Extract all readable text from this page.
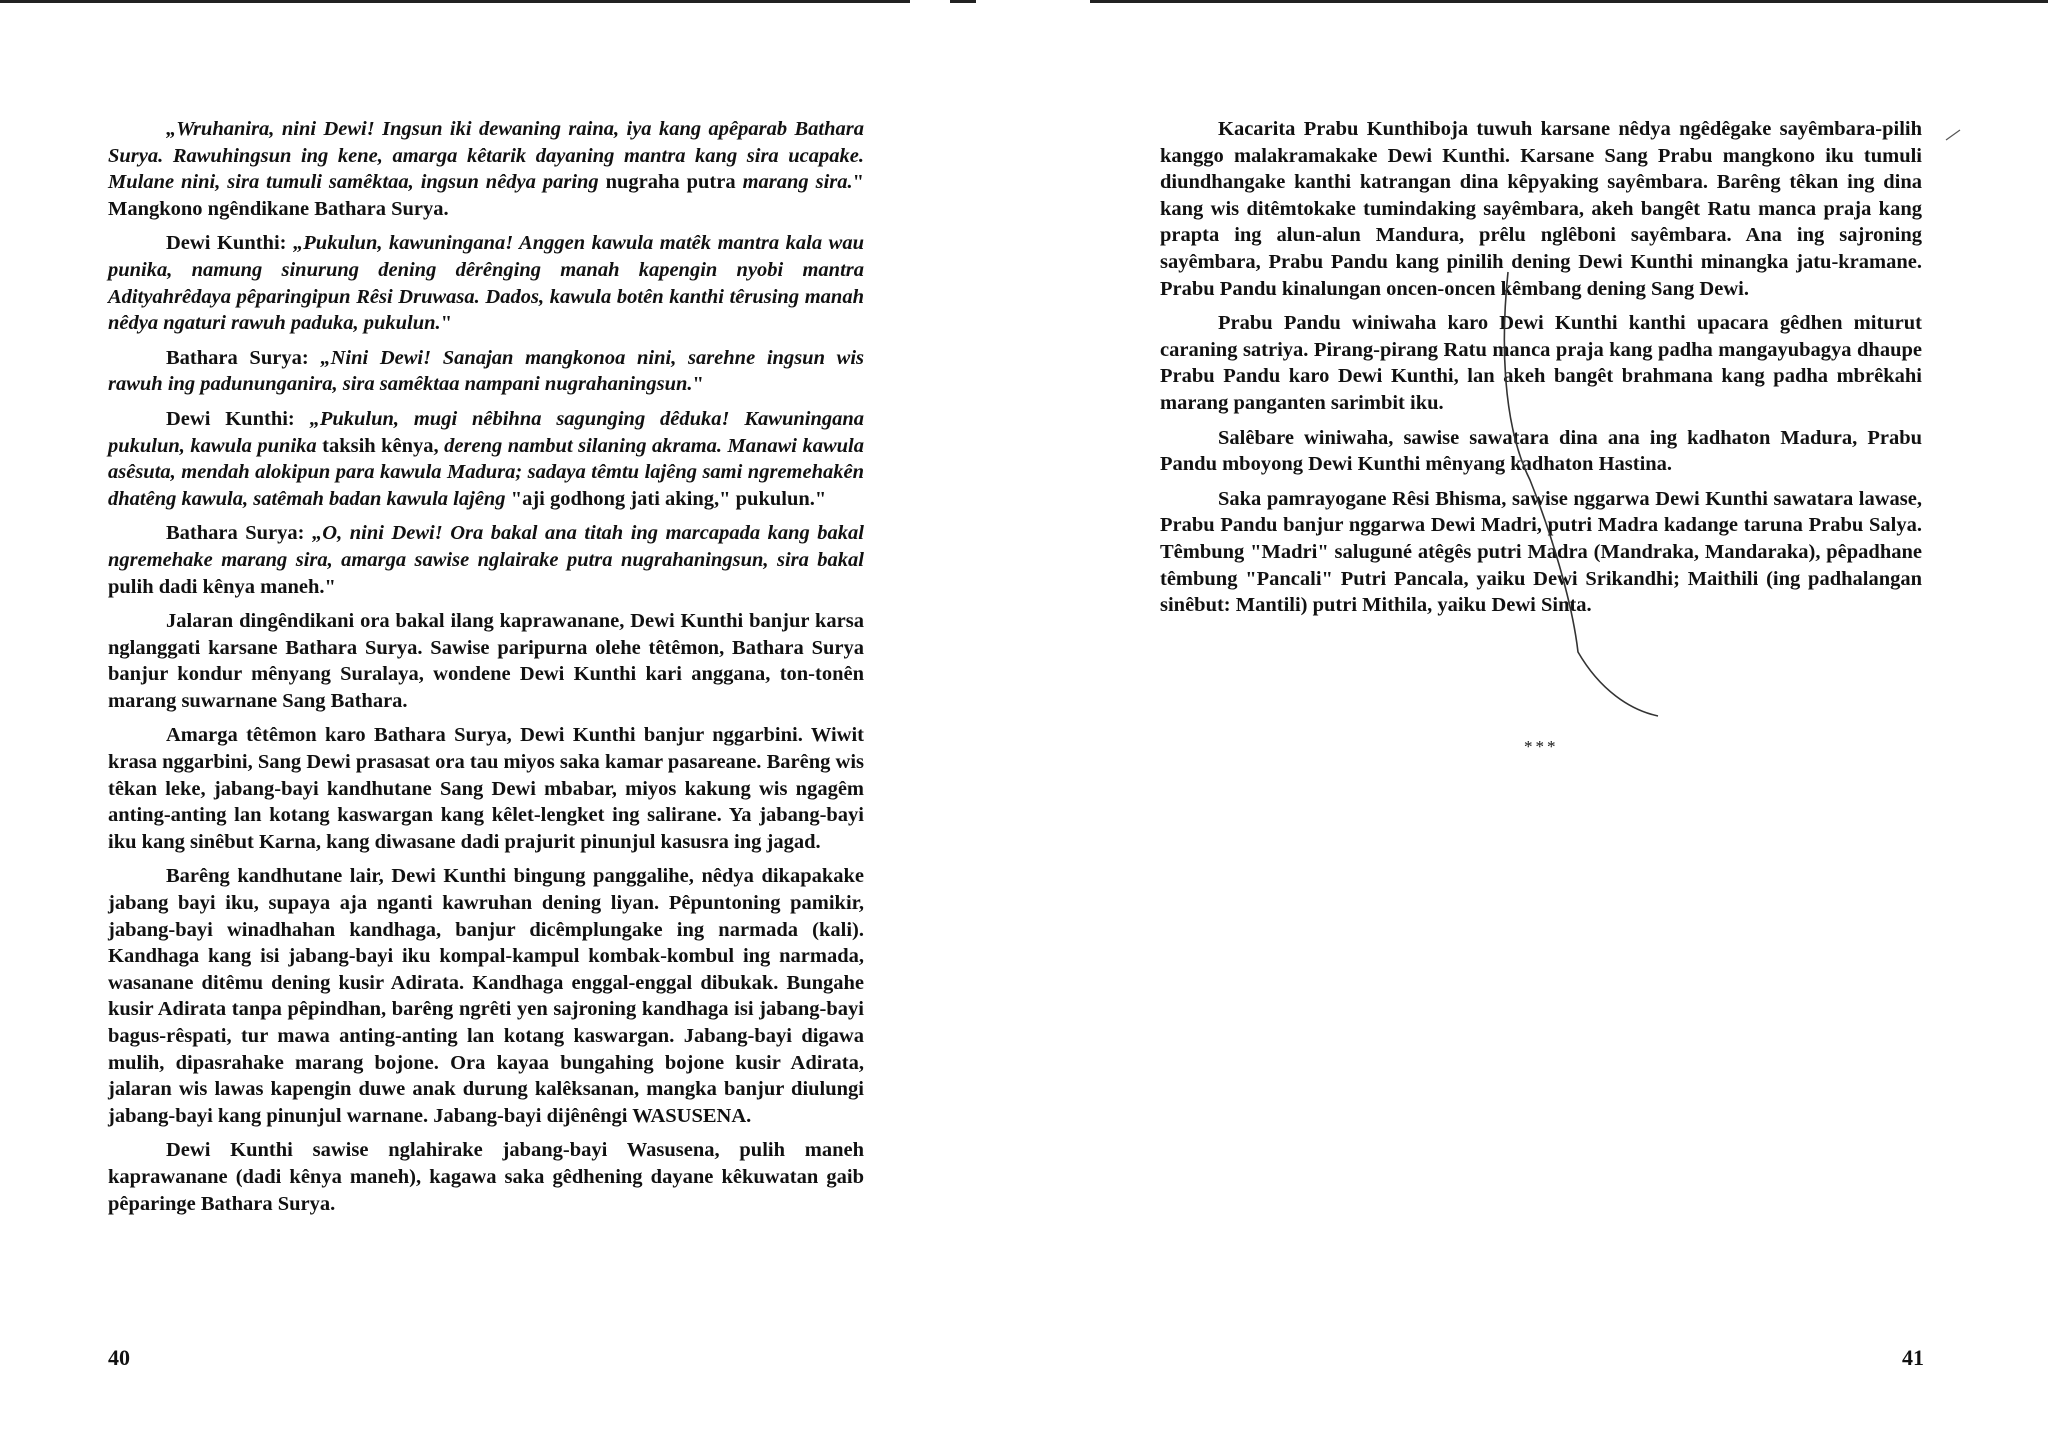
„Wruhanira, nini Dewi! Ingsun iki dewaning raina, iya kang apêparab Bathara Surya. Rawuhingsun ing kene, amarga kêtarik dayaning mantra kang sira ucapake. Mulane nini, sira tumuli samêktaa, ingsun nêdya paring nugraha putra marang sira." Mangkono ngêndikane Bathara Surya.

Dewi Kunthi: „Pukulun, kawuningana! Anggen kawula matêk mantra kala wau punika, namung sinurung dening dêrênging manah kapengin nyobi mantra Adityahrêdaya pêparingipun Rêsi Druwasa. Dados, kawula botên kanthi têrusing manah nêdya ngaturi rawuh paduka, pukulun."

Bathara Surya: „Nini Dewi! Sanajan mangkonoa nini, sarehne ingsun wis rawuh ing padununganira, sira samêktaa nampani nugrahaningsun."

Dewi Kunthi: „Pukulun, mugi nêbihna sagunging dêduka! Kawuningana pukulun, kawula punika taksih kênya, dereng nambut silaning akrama. Manawi kawula asêsuta, mendah alokipun para kawula Madura; sadaya têmtu lajêng sami ngremehakên dhatêng kawula, satêmah badan kawula lajêng "aji godhong jati aking," pukulun."

Bathara Surya: „O, nini Dewi! Ora bakal ana titah ing marcapada kang bakal ngremehake marang sira, amarga sawise nglairake putra nugrahaningsun, sira bakal pulih dadi kênya maneh."

Jalaran dingêndikani ora bakal ilang kaprawanane, Dewi Kunthi banjur karsa nglanggati karsane Bathara Surya. Sawise paripurna olehe têtêmon, Bathara Surya banjur kondur mênyang Suralaya, wondene Dewi Kunthi kari anggana, ton-tonên marang suwarnane Sang Bathara.

Amarga têtêmon karo Bathara Surya, Dewi Kunthi banjur nggarbini. Wiwit krasa nggarbini, Sang Dewi prasasat ora tau miyos saka kamar pasareane. Barêng wis têkan leke, jabang-bayi kandhutane Sang Dewi mbabar, miyos kakung wis ngagêm anting-anting lan kotang kaswargan kang kêlet-lengket ing salirane. Ya jabang-bayi iku kang sinêbut Karna, kang diwasane dadi prajurit pinunjul kasusra ing jagad.

Barêng kandhutane lair, Dewi Kunthi bingung panggalihe, nêdya dikapakake jabang bayi iku, supaya aja nganti kawruhan dening liyan. Pêpuntoning pamikir, jabang-bayi winadhahan kandhaga, banjur dicêmplungake ing narmada (kali). Kandhaga kang isi jabang-bayi iku kompal-kampul kombak-kombul ing narmada, wasanane ditêmu dening kusir Adirata. Kandhaga enggal-enggal dibukak. Bungahe kusir Adirata tanpa pêpindhan, barêng ngrêti yen sajroning kandhaga isi jabang-bayi bagus-rêspati, tur mawa anting-anting lan kotang kaswargan. Jabang-bayi digawa mulih, dipasrahake marang bojone. Ora kayaa bungahing bojone kusir Adirata, jalaran wis lawas kapengin duwe anak durung kalêksanan, mangka banjur diulungi jabang-bayi kang pinunjul warnane. Jabang-bayi dijênêngi WASUSENA.

Dewi Kunthi sawise nglahirake jabang-bayi Wasusena, pulih maneh kaprawanane (dadi kênya maneh), kagawa saka gêdhening dayane kêkuwatan gaib pêparinge Bathara Surya.

40

Kacarita Prabu Kunthiboja tuwuh karsane nêdya ngêdêgake sayêmbara-pilih kanggo malakramakake Dewi Kunthi. Karsane Sang Prabu mangkono iku tumuli diundhangake kanthi katrangan dina kêpyaking sayêmbara. Barêng têkan ing dina kang wis ditêmtokake tumindaking sayêmbara, akeh bangêt Ratu manca praja kang prapta ing alun-alun Mandura, prêlu nglêboni sayêmbara. Ana ing sajroning sayêmbara, Prabu Pandu kang pinilih dening Dewi Kunthi minangka jatu-kramane. Prabu Pandu kinalungan oncen-oncen kêmbang dening Sang Dewi.

Prabu Pandu winiwaha karo Dewi Kunthi kanthi upacara gêdhen miturut caraning satriya. Pirang-pirang Ratu manca praja kang padha mangayubagya dhaupe Prabu Pandu karo Dewi Kunthi, lan akeh bangêt brahmana kang padha mbrêkahi marang panganten sarimbit iku.

Salêbare winiwaha, sawise sawatara dina ana ing kadhaton Madura, Prabu Pandu mboyong Dewi Kunthi mênyang kadhaton Hastina.

Saka pamrayogane Rêsi Bhisma, sawise nggarwa Dewi Kunthi sawatara lawase, Prabu Pandu banjur nggarwa Dewi Madri, putri Madra kadange taruna Prabu Salya. Têmbung "Madri" saluguné atêgês putri Madra (Mandraka, Mandaraka), pêpadhane têmbung "Pancali" Putri Pancala, yaiku Dewi Srikandhi; Maithili (ing padhalangan sinêbut: Mantili) putri Mithila, yaiku Dewi Sinta.

***
41
